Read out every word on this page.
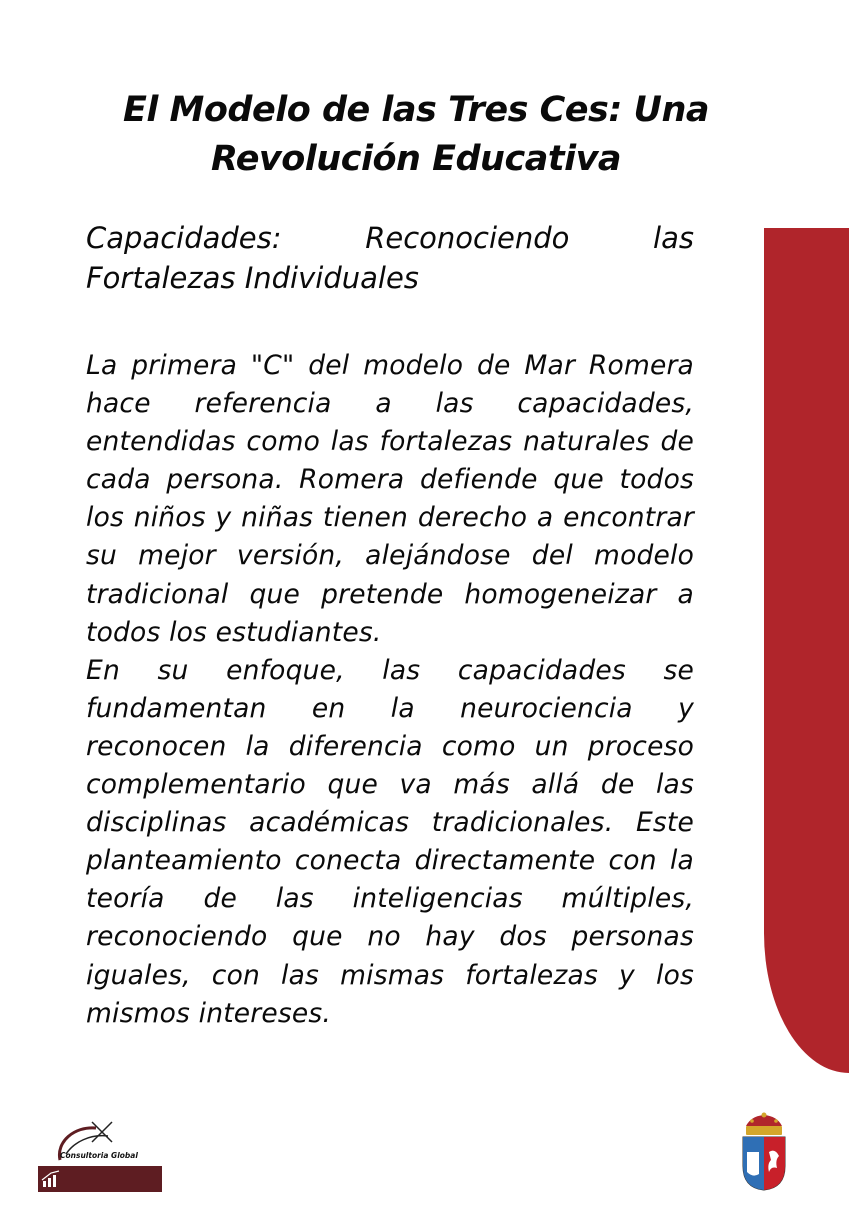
El Modelo de las Tres Ces: Una Revolución Educativa
Capacidades: Reconociendo las Fortalezas Individuales

La primera "C" del modelo de Mar Romera hace referencia a las capacidades, entendidas como las fortalezas naturales de cada persona. Romera defiende que todos los niños y niñas tienen derecho a encontrar su mejor versión, alejándose del modelo tradicional que pretende homogeneizar a todos los estudiantes.

En su enfoque, las capacidades se fundamentan en la neurociencia y reconocen la diferencia como un proceso complementario que va más allá de las disciplinas académicas tradicionales. Este planteamiento conecta directamente con la teoría de las inteligencias múltiples, reconociendo que no hay dos personas iguales, con las mismas fortalezas y los mismos intereses.

Consultoria Global
Empresarial · Financiera · Formación
